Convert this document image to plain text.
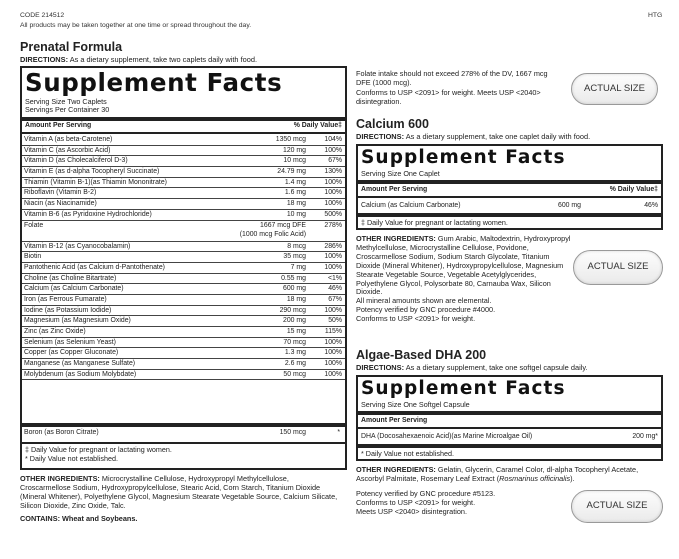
CODE 214512
All products may be taken together at one time or spread throughout the day.
HTG
Prenatal Formula
DIRECTIONS: As a dietary supplement, take two caplets daily with food.
Supplement Facts
Serving Size Two Caplets
Servings Per Container 30
Amount Per Serving	% Daily Value‡
Vitamin A (as beta-Carotene)	1350 mcg	104%
Vitamin C (as Ascorbic Acid)	120 mg	100%
Vitamin D (as Cholecalciferol D-3)	10 mcg	67%
Vitamin E (as d-alpha Tocopheryl Succinate)	24.79 mg	130%
Thiamin (Vitamin B-1)(as Thiamin Mononitrate)	1.4 mg	100%
Riboflavin (Vitamin B-2)	1.6 mg	100%
Niacin (as Niacinamide)	18 mg	100%
Vitamin B-6 (as Pyridoxine Hydrochloride)	10 mg	500%
Folate	1667 mcg DFE	278%
(1000 mcg Folic Acid)
Vitamin B-12 (as Cyanocobalamin)	8 mcg	286%
Biotin	35 mcg	100%
Pantothenic Acid (as Calcium d-Pantothenate)	7 mg	100%
Choline (as Choline Bitartrate)	0.55 mg	<1%
Calcium (as Calcium Carbonate)	600 mg	46%
Iron (as Ferrous Fumarate)	18 mg	67%
Iodine (as Potassium Iodide)	290 mcg	100%
Magnesium (as Magnesium Oxide)	200 mg	50%
Zinc (as Zinc Oxide)	15 mg	115%
Selenium (as Selenium Yeast)	70 mcg	100%
Copper (as Copper Gluconate)	1.3 mg	100%
Manganese (as Manganese Sulfate)	2.6 mg	100%
Molybdenum (as Sodium Molybdate)	50 mcg	100%
Boron (as Boron Citrate)	150 mcg	*
‡ Daily Value for pregnant or lactating women.
* Daily Value not established.
OTHER INGREDIENTS: Microcrystalline Cellulose, Hydroxypropyl Methylcellulose, Croscarmellose Sodium, Hydroxypropylcellulose, Stearic Acid, Corn Starch, Titanium Dioxide (Mineral Whitener), Polyethylene Glycol, Magnesium Stearate Vegetable Source, Calcium Silicate, Silicon Dioxide, Zinc Oxide, Talc.
CONTAINS: Wheat and Soybeans.
Folate intake should not exceed 278% of the DV, 1667 mcg DFE (1000 mcg).
Conforms to USP <2091> for weight. Meets USP <2040> disintegration.
ACTUAL SIZE
Calcium 600
DIRECTIONS: As a dietary supplement, take one caplet daily with food.
Supplement Facts
Serving Size One Caplet
Amount Per Serving	% Daily Value‡
Calcium (as Calcium Carbonate)	600 mg	46%
‡ Daily Value for pregnant or lactating women.
OTHER INGREDIENTS: Gum Arabic, Maltodextrin, Hydroxypropyl Methylcellulose, Microcrystalline Cellulose, Povidone, Croscarmellose Sodium, Sodium Starch Glycolate, Titanium Dioxide (Mineral Whitener), Hydroxypropylcellulose, Magnesium Stearate Vegetable Source, Vegetable Acetylglycerides, Polyethylene Glycol, Polysorbate 80, Carnauba Wax, Silicon Dioxide.
All mineral amounts shown are elemental.
Potency verified by GNC procedure #4000.
Conforms to USP <2091> for weight.
ACTUAL SIZE
Algae-Based DHA 200
DIRECTIONS: As a dietary supplement, take one softgel capsule daily.
Supplement Facts
Serving Size One Softgel Capsule
Amount Per Serving
DHA (Docosahexaenoic Acid)(as Marine Microalgae Oil)	200 mg*
* Daily Value not established.
OTHER INGREDIENTS: Gelatin, Glycerin, Caramel Color, dl-alpha Tocopheryl Acetate, Ascorbyl Palmitate, Rosemary Leaf Extract (Rosmarinus officinalis).
Potency verified by GNC procedure #5123.
Conforms to USP <2091> for weight.
Meets USP <2040> disintegration.
ACTUAL SIZE
